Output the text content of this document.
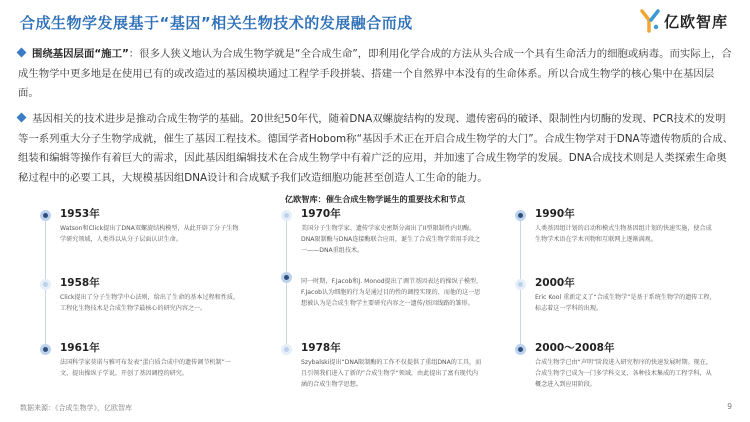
合成生物学发展基于“基因”相关生物技术的发展融合而成	亿欧智库
围绕基因层面“施工”：很多人狭义地认为合成生物学就是“全合成生命”，即利用化学合成的方法从头合成一个具有生命活力的细胞或病毒。而实际上，合成生物学中更多地是在使用已有的或改造过的基因模块通过工程学手段拼装、搭建一个自然界中本没有的生命体系。所以合成生物学的核心集中在基因层面。
基因相关的技术进步是推动合成生物学的基础。20世纪50年代，随着DNA双螺旋结构的发现、遗传密码的破译、限制性内切酶的发现、PCR技术的发明等一系列重大分子生物学成就，催生了基因工程技术。德国学者Hobom称“基因手术正在开启合成生物学的大门”。合成生物学对于DNA等遗传物质的合成、组装和编辑等操作有着巨大的需求，因此基因组编辑技术在合成生物学中有着广泛的应用，并加速了合成生物学的发展。DNA合成技术则是人类探索生命奥秘过程中的必要工具，大规模基因组DNA设计和合成赋予我们改造细胞功能甚至创造人工生命的能力。
亿欧智库：催生合成生物学诞生的重要技术和节点
1953年
Watson和Click提出了DNA双螺旋结构模型，从此开辟了分子生物学研究领域，人类得以从分子层面认识生命。
1958年
Click提出了分子生物学中心法则，给出了生命的基本过程和性质。工程化生物技术是合成生物学最核心的研究内容之一。
1961年
法国科学家莫诺与雅可布发表“蛋白质合成中的遗传调节机制”一文，提出操纵子学说，开创了基因调控的研究。
1970年
美国分子生物学家、遗传学家史密斯分离出了II型限制性内切酶。DNA限制酶与DNA连接酶联合应用，诞生了合成生物学常用手段之一——DNA重组技术。
同一时期，F.Jacob和J. Monod提出了调节基因表达的操纵子模型，F.Jacob认为细胞的行为是通过目的性的调控实现的，而他的这一思想被认为是合成生物学主要研究内容之一遗传/基因线路的雏形。
1978年
Szybalski提出“DNA限制酶的工作不仅提供了重组DNA的工具，而且引领我们进入了新的”合成生物学“领域，由此提出了富有现代内涵的合成生物学思想。
1990年
人类基因组计划的启动和模式生物基因组计划的快速实施，使合成生物学术语在学术刊物和互联网上逐渐满观。
2000年
Eric Kool 重新定义了“合成生物学”是基于系统生物学的遗传工程，标志着这一学科的出现。
2000～2008年
合成生物学已由“声明”阶段进入研究程序的快速发展时期。现在，合成生物学已成为一门多学科交叉、各种技术集成的工程学科，从概念进入到应用阶段。
数据来源：《合成生物学》，亿欧智库	9
